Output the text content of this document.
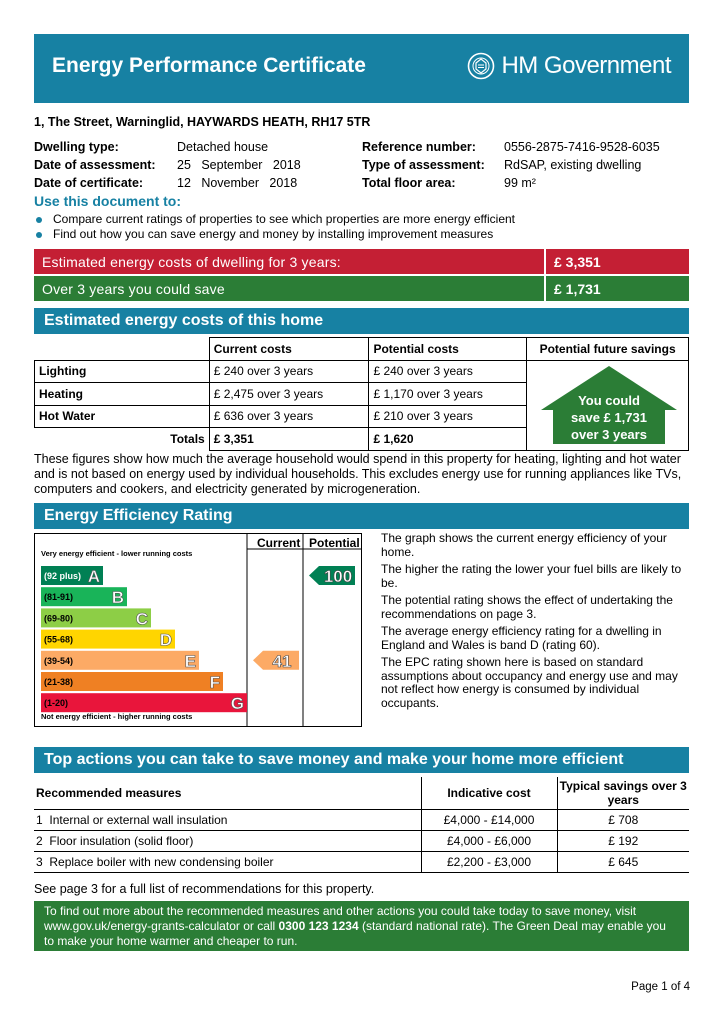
Energy Performance Certificate	HM Government
1, The Street, Warninglid, HAYWARDS HEATH, RH17 5TR
Dwelling type:	Detached house
Date of assessment:	25   September   2018
Date of certificate:	12   November   2018
Reference number:	0556-2875-7416-9528-6035
Type of assessment:	RdSAP, existing dwelling
Total floor area:	99 m²
Use this document to:
Compare current ratings of properties to see which properties are more energy efficient
Find out how you can save energy and money by installing improvement measures
Estimated energy costs of dwelling for 3 years:	£ 3,351
Over 3 years you could save	£ 1,731
Estimated energy costs of this home
	Current costs	Potential costs	Potential future savings
Lighting	£ 240 over 3 years	£ 240 over 3 years	
Heating	£ 2,475 over 3 years	£ 1,170 over 3 years	
Hot Water	£ 636 over 3 years	£ 210 over 3 years	
Totals	£ 3,351	£ 1,620	
You could
save £ 1,731
over 3 years
These figures show how much the average household would spend in this property for heating, lighting and hot water and is not based on energy used by individual households. This excludes energy use for running appliances like TVs, computers and cookers, and electricity generated by microgeneration.
Energy Efficiency Rating
(92 plus) A
(81-91) B
(69-80)	C
(55-68)	D
(39-54)	E
(21-38)	F
(1-20)	G
41
100
Current Potential
Very energy efficient - lower running costs
Not energy efficient - higher running costs

The graph shows the current energy efficiency of your home.

The higher the rating the lower your fuel bills are likely to be.

The potential rating shows the effect of undertaking the recommendations on page 3.

The average energy efficiency rating for a dwelling in England and Wales is band D (rating 60).

The EPC rating shown here is based on standard assumptions about occupancy and energy use and may not reflect how energy is consumed by individual occupants.

Top actions you can take to save money and make your home more efficient
Recommended measures	Indicative cost	Typical savings over 3 years
1 Internal or external wall insulation	£4,000 - £14,000	£ 708
2 Floor insulation (solid floor)	£4,000 - £6,000	£ 192
3 Replace boiler with new condensing boiler	£2,200 - £3,000	£ 645
See page 3 for a full list of recommendations for this property.
To find out more about the recommended measures and other actions you could take today to save money, visit www.gov.uk/energy-grants-calculator or call 0300 123 1234 (standard national rate). The Green Deal may enable you to make your home warmer and cheaper to run.
Page 1 of 4
